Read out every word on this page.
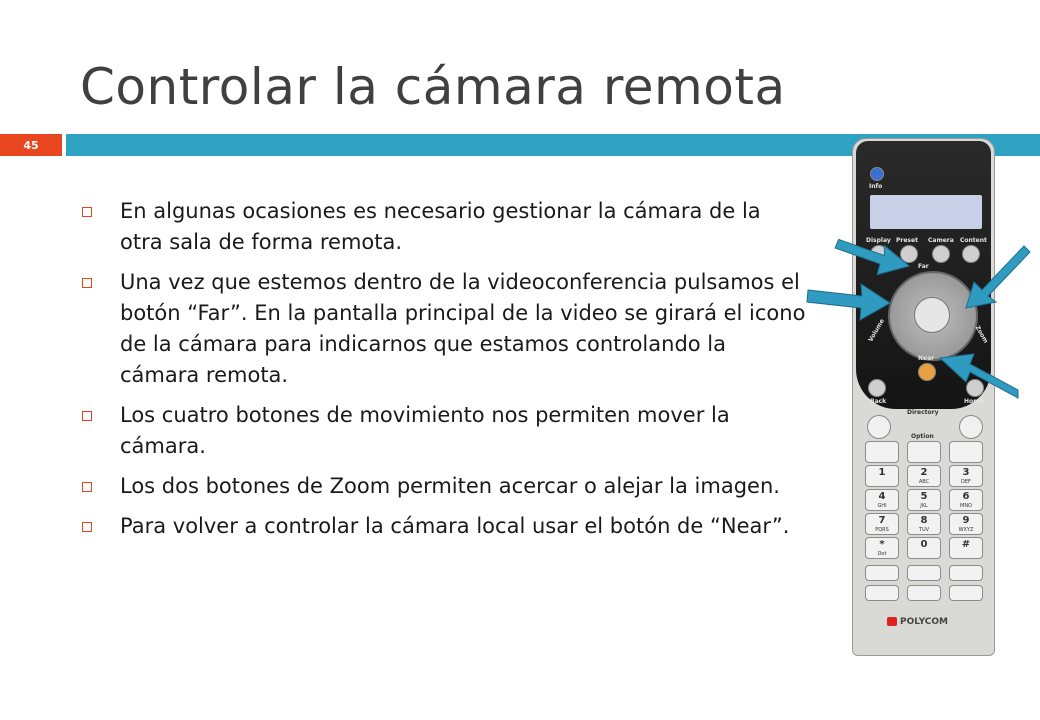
Controlar la cámara remota
45
En algunas ocasiones es necesario gestionar la cámara de la otra sala de forma remota.
Una vez que estemos dentro de la videoconferencia pulsamos el botón “Far”. En la pantalla principal de la video se girará el icono de la cámara para indicarnos que estamos controlando la cámara remota.
Los cuatro botones de movimiento nos permiten mover la cámara.
Los dos botones de Zoom permiten acercar o alejar la imagen.
Para volver a controlar la cámara local usar el botón de “Near”.
Info
Display Preset Camera Content
Far
Volume	Zoom
Near
Back	Home
Directory
Option
1	2
ABC
3
DEF
4
GHI
5
JKL
6
MNO
7
PQRS
8
TUV
9
WXYZ
*
Dot
0	#
POLYCOM
